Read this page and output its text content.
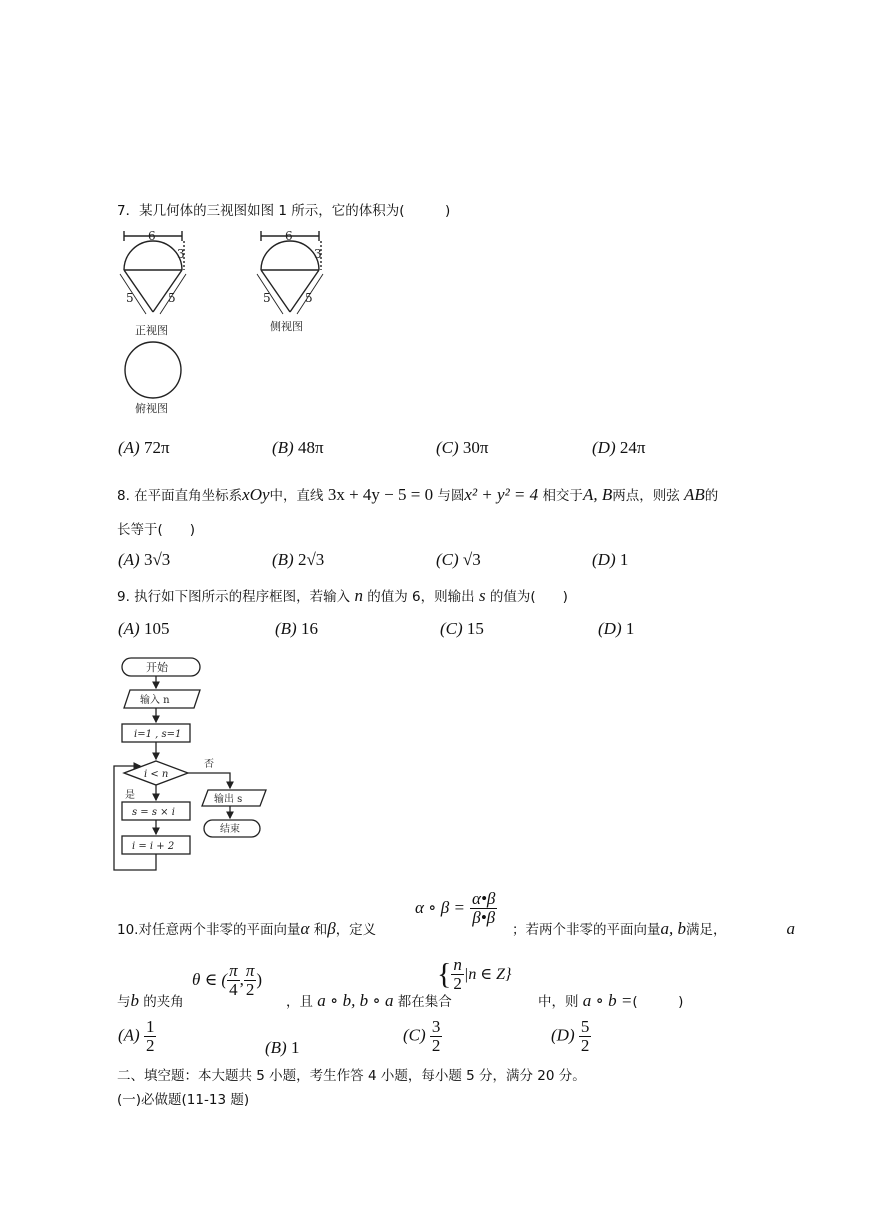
7．某几何体的三视图如图 1 所示，它的体积为(　　　)
6
3
5	5
正视图
6
3
5	5
侧视图
俯视图
(A) 72π	(B) 48π	(C) 30π	(D) 24π
8. 在平面直角坐标系xOy中，直线 3x + 4y − 5 = 0 与圆x² + y² = 4 相交于A, B两点，则弦 AB的
长等于(　　)
(A) 3√3	(B) 2√3	(C) √3	(D) 1
9. 执行如下图所示的程序框图，若输入 n 的值为 6，则输出 s 的值为(　　)
(A) 105	(B) 16	(C) 15	(D) 1
开始
输入 n
i=1 , s=1
i < n
是
否
s = s × i
i = i + 2
输出 s
结束
10.对任意两个非零的平面向量α 和β，定义
α ∘ $\beta = \frac{\alpha•\beta}{\beta•\beta}$
；若两个非零的平面向量a, b满足，	a
与b 的夹角
θ ∈ ( $\frac{\pi}{4}$ , $\frac{\pi}{2}$ )
，且 a ∘ b, b ∘ a 都在集合
{ $\frac{n}{2} |n$ ∈ Z}
中，则 a ∘ b =(　　　)
$(A) \frac{1}{2}$	(B) 1
$(C) \frac{3}{2}$	$(D) \frac{5}{2}$
二、填空题：本大题共 5 小题，考生作答 4 小题，每小题 5 分，满分 20 分。
(一)必做题(11-13 题)
